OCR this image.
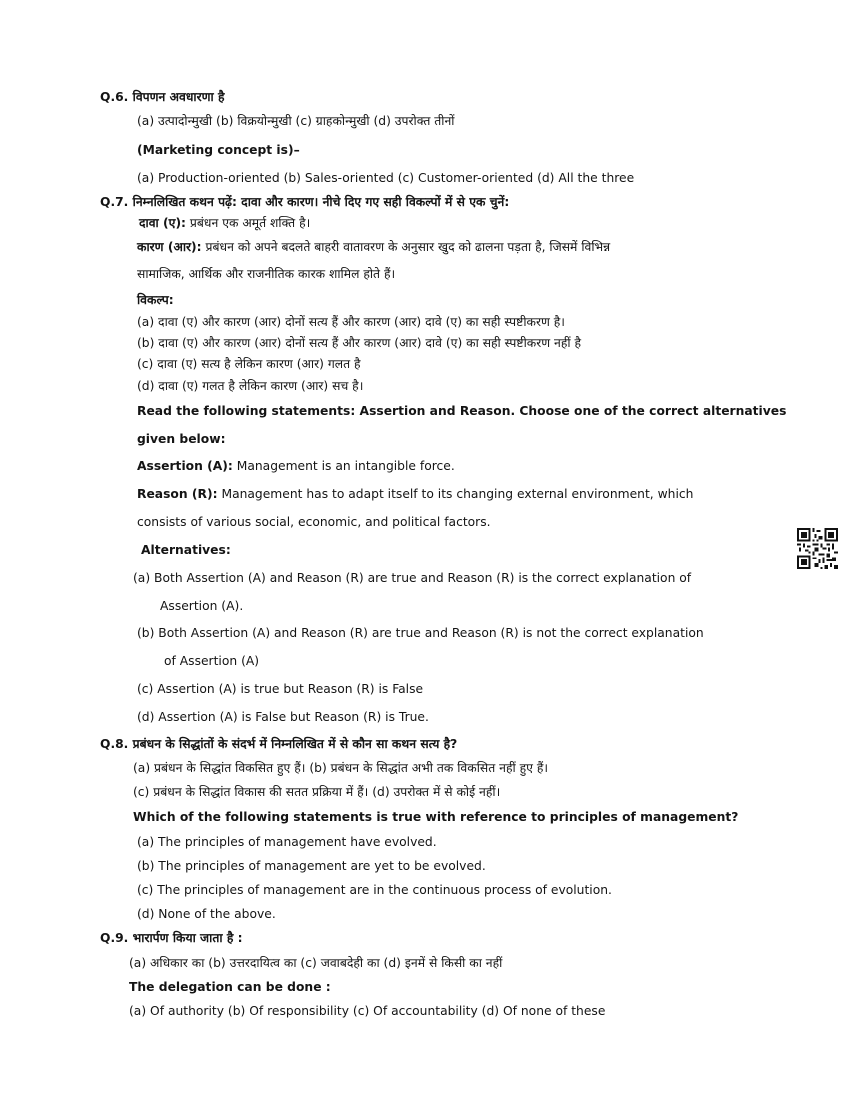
Q.6. विपणन अवधारणा है
(a) उत्पादोन्मुखी (b) विक्रयोन्मुखी (c) ग्राहकोन्मुखी (d) उपरोक्त तीनों
(Marketing concept is)–
(a) Production-oriented (b) Sales-oriented (c) Customer-oriented (d) All the three
Q.7. निम्नलिखित कथन पढ़ें: दावा और कारण। नीचे दिए गए सही विकल्पों में से एक चुनें:
दावा (ए): प्रबंधन एक अमूर्त शक्ति है।
कारण (आर): प्रबंधन को अपने बदलते बाहरी वातावरण के अनुसार खुद को ढालना पड़ता है, जिसमें विभिन्न
सामाजिक, आर्थिक और राजनीतिक कारक शामिल होते हैं।
विकल्प:
(a) दावा (ए) और कारण (आर) दोनों सत्य हैं और कारण (आर) दावे (ए) का सही स्पष्टीकरण है।
(b) दावा (ए) और कारण (आर) दोनों सत्य हैं और कारण (आर) दावे (ए) का सही स्पष्टीकरण नहीं है
(c) दावा (ए) सत्य है लेकिन कारण (आर) गलत है
(d) दावा (ए) गलत है लेकिन कारण (आर) सच है।
Read the following statements: Assertion and Reason. Choose one of the correct alternatives
given below:
Assertion (A): Management is an intangible force.
Reason (R): Management has to adapt itself to its changing external environment, which
consists of various social, economic, and political factors.
Alternatives:
(a) Both Assertion (A) and Reason (R) are true and Reason (R) is the correct explanation of
Assertion (A).
(b) Both Assertion (A) and Reason (R) are true and Reason (R) is not the correct explanation
of Assertion (A)
(c) Assertion (A) is true but Reason (R) is False
(d) Assertion (A) is False but Reason (R) is True.
Q.8. प्रबंधन के सिद्धांतों के संदर्भ में निम्नलिखित में से कौन सा कथन सत्य है?
(a) प्रबंधन के सिद्धांत विकसित हुए हैं। (b) प्रबंधन के सिद्धांत अभी तक विकसित नहीं हुए हैं।
(c) प्रबंधन के सिद्धांत विकास की सतत प्रक्रिया में हैं। (d) उपरोक्त में से कोई नहीं।
Which of the following statements is true with reference to principles of management?
(a) The principles of management have evolved.
(b) The principles of management are yet to be evolved.
(c) The principles of management are in the continuous process of evolution.
(d) None of the above.
Q.9. भारार्पण किया जाता है :
(a) अधिकार का (b) उत्तरदायित्व का (c) जवाबदेही का (d) इनमें से किसी का नहीं
The delegation can be done :
(a) Of authority (b) Of responsibility (c) Of accountability (d) Of none of these
